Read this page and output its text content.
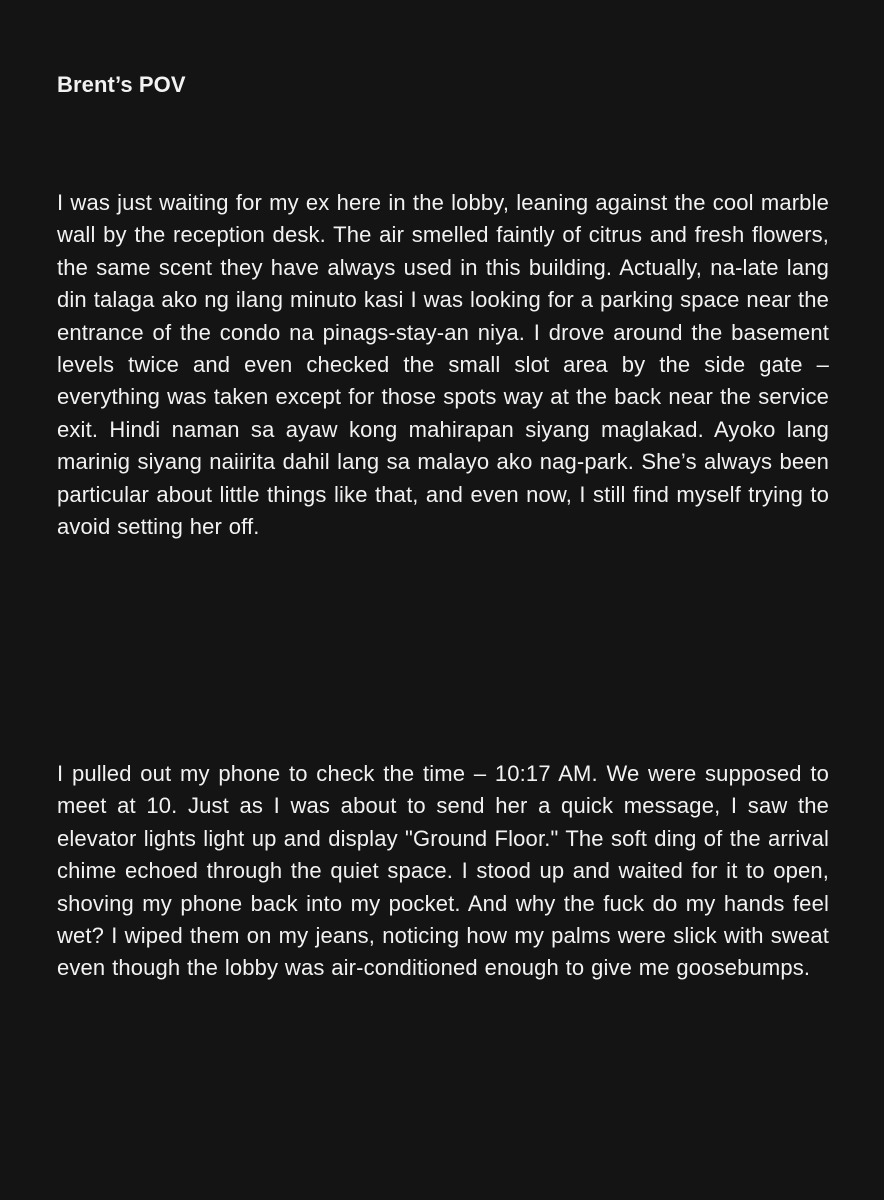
Brent’s POV

I was just waiting for my ex here in the lobby, leaning against the cool marble wall by the reception desk. The air smelled faintly of citrus and fresh flowers, the same scent they have always used in this building. Actually, na-late lang din talaga ako ng ilang minuto kasi I was looking for a parking space near the entrance of the condo na pinags-stay-an niya. I drove around the basement levels twice and even checked the small slot area by the side gate – everything was taken except for those spots way at the back near the service exit. Hindi naman sa ayaw kong mahirapan siyang maglakad. Ayoko lang marinig siyang naiirita dahil lang sa malayo ako nag-park. She’s always been particular about little things like that, and even now, I still find myself trying to avoid setting her off.

I pulled out my phone to check the time – 10:17 AM. We were supposed to meet at 10. Just as I was about to send her a quick message, I saw the elevator lights light up and display "Ground Floor." The soft ding of the arrival chime echoed through the quiet space. I stood up and waited for it to open, shoving my phone back into my pocket. And why the fuck do my hands feel wet? I wiped them on my jeans, noticing how my palms were slick with sweat even though the lobby was air-conditioned enough to give me goosebumps.
